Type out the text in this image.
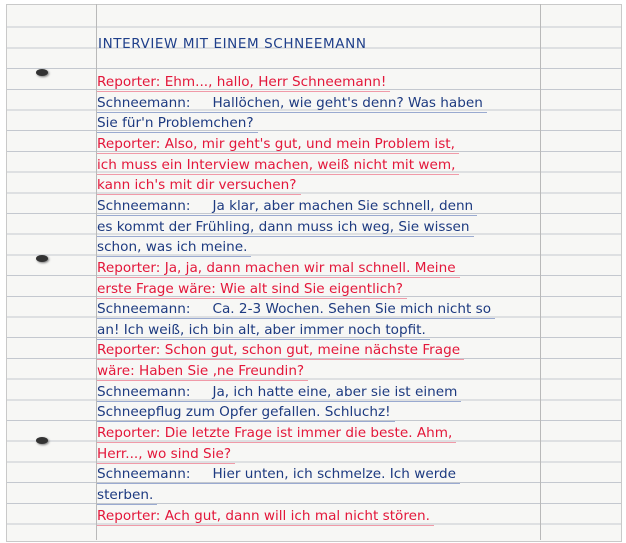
INTERVIEW MIT EINEM SCHNEEMANN
Reporter: Ehm..., hallo, Herr Schneemann!
Schneemann: Hallöchen, wie geht's denn? Was haben
Sie für'n Problemchen?
Reporter: Also, mir geht's gut, und mein Problem ist,
ich muss ein Interview machen, weiß nicht mit wem,
kann ich's mit dir versuchen?
Schneemann: Ja klar, aber machen Sie schnell, denn
es kommt der Frühling, dann muss ich weg, Sie wissen
schon, was ich meine.
Reporter: Ja, ja, dann machen wir mal schnell. Meine
erste Frage wäre: Wie alt sind Sie eigentlich?
Schneemann: Ca. 2-3 Wochen. Sehen Sie mich nicht so
an! Ich weiß, ich bin alt, aber immer noch topfit.
Reporter: Schon gut, schon gut, meine nächste Frage
wäre: Haben Sie ‚ne Freundin?
Schneemann: Ja, ich hatte eine, aber sie ist einem
Schneepflug zum Opfer gefallen. Schluchz!
Reporter: Die letzte Frage ist immer die beste. Ahm,
Herr..., wo sind Sie?
Schneemann: Hier unten, ich schmelze. Ich werde
sterben.
Reporter: Ach gut, dann will ich mal nicht stören.
